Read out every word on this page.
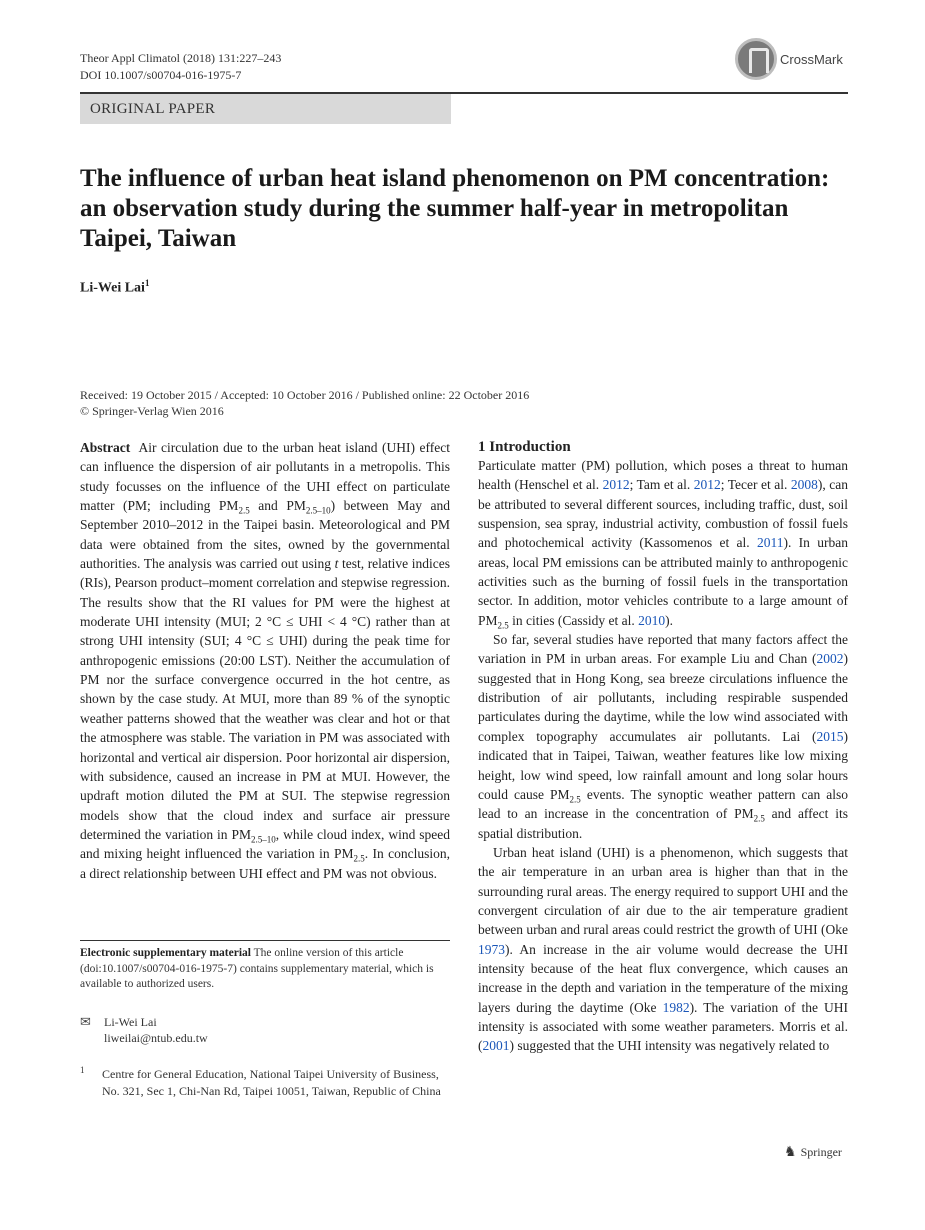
Theor Appl Climatol (2018) 131:227–243
DOI 10.1007/s00704-016-1975-7
CrossMark
ORIGINAL PAPER
The influence of urban heat island phenomenon on PM concentration: an observation study during the summer half-year in metropolitan Taipei, Taiwan
Li-Wei Lai$^1$
Received: 19 October 2015 / Accepted: 10 October 2016 / Published online: 22 October 2016
© Springer-Verlag Wien 2016

Abstract Air circulation due to the urban heat island (UHI) effect can influence the dispersion of air pollutants in a metropolis. This study focusses on the influence of the UHI effect on particulate matter (PM; including $PM_{2.5}$ and $PM_{2.5-10}$) between May and September 2010–2012 in the Taipei basin. Meteorological and PM data were obtained from the sites, owned by the governmental authorities. The analysis was carried out using t test, relative indices (RIs), Pearson product–moment correlation and stepwise regression. The results show that the RI values for PM were the highest at moderate UHI intensity (MUI; 2 °C ≤ UHI < 4 °C) rather than at strong UHI intensity (SUI; 4 °C ≤ UHI) during the peak time for anthropogenic emissions (20:00 LST). Neither the accumulation of PM nor the surface convergence occurred in the hot centre, as shown by the case study. At MUI, more than 89 % of the synoptic weather patterns showed that the weather was clear and hot or that the atmosphere was stable. The variation in PM was associated with horizontal and vertical air dispersion. Poor horizontal air dispersion, with subsidence, caused an increase in PM at MUI. However, the updraft motion diluted the PM at SUI. The stepwise regression models show that the cloud index and surface air pressure determined the variation in $PM_{2.5-10}$, while cloud index, wind speed and mixing height influenced the variation in $PM_{2.5}$. In conclusion, a direct relationship between UHI effect and PM was not obvious.

Electronic supplementary material The online version of this article (doi:10.1007/s00704-016-1975-7) contains supplementary material, which is available to authorized users.
✉	Li-Wei Lai
liweilai@ntub.edu.tw
1 Centre for General Education, National Taipei University of Business, No. 321, Sec 1, Chi-Nan Rd, Taipei 10051, Taiwan, Republic of China

1 Introduction

Particulate matter (PM) pollution, which poses a threat to human health (Henschel et al. 2012; Tam et al. 2012; Tecer et al. 2008), can be attributed to several different sources, including traffic, dust, soil suspension, sea spray, industrial activity, combustion of fossil fuels and photochemical activity (Kassomenos et al. 2011). In urban areas, local PM emissions can be attributed mainly to anthropogenic activities such as the burning of fossil fuels in the transportation sector. In addition, motor vehicles contribute to a large amount of $PM_{2.5}$ in cities (Cassidy et al. 2010).

So far, several studies have reported that many factors affect the variation in PM in urban areas. For example Liu and Chan (2002) suggested that in Hong Kong, sea breeze circulations influence the distribution of air pollutants, including respirable suspended particulates during the daytime, while the low wind associated with complex topography accumulates air pollutants. Lai (2015) indicated that in Taipei, Taiwan, weather features like low mixing height, low wind speed, low rainfall amount and long solar hours could cause $PM_{2.5}$ events. The synoptic weather pattern can also lead to an increase in the concentration of $PM_{2.5}$ and affect its spatial distribution.

Urban heat island (UHI) is a phenomenon, which suggests that the air temperature in an urban area is higher than that in the surrounding rural areas. The energy required to support UHI and the convergent circulation of air due to the air temperature gradient between urban and rural areas could restrict the growth of UHI (Oke 1973). An increase in the air volume would decrease the UHI intensity because of the heat flux convergence, which causes an increase in the depth and variation in the temperature of the mixing layers during the daytime (Oke 1982). The variation of the UHI intensity is associated with some weather parameters. Morris et al. (2001) suggested that the UHI intensity was negatively related to

♞ Springer
